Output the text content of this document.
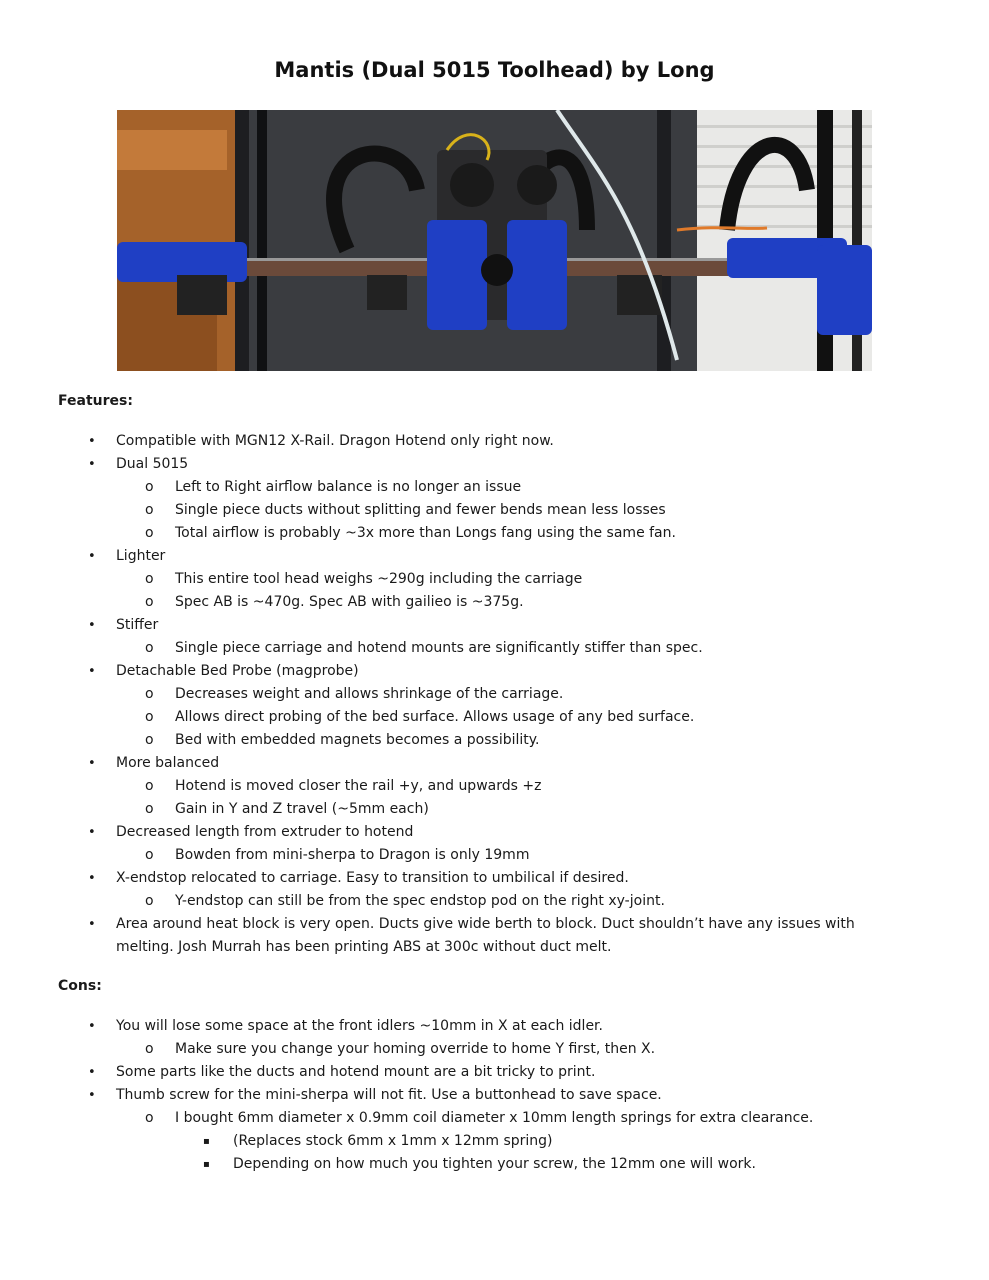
Mantis (Dual 5015 Toolhead) by Long
Features:
• Compatible with MGN12 X-Rail. Dragon Hotend only right now.
• Dual 5015
o Left to Right airflow balance is no longer an issue
o Single piece ducts without splitting and fewer bends mean less losses
o Total airflow is probably ~3x more than Longs fang using the same fan.
• Lighter
o This entire tool head weighs ~290g including the carriage
o Spec AB is ~470g. Spec AB with gailieo is ~375g.
• Stiffer
o Single piece carriage and hotend mounts are significantly stiffer than spec.
• Detachable Bed Probe (magprobe)
o Decreases weight and allows shrinkage of the carriage.
o Allows direct probing of the bed surface. Allows usage of any bed surface.
o Bed with embedded magnets becomes a possibility.
• More balanced
o Hotend is moved closer the rail +y, and upwards +z
o Gain in Y and Z travel (~5mm each)
• Decreased length from extruder to hotend
o Bowden from mini-sherpa to Dragon is only 19mm
• X-endstop relocated to carriage. Easy to transition to umbilical if desired.
o Y-endstop can still be from the spec endstop pod on the right xy-joint.
• Area around heat block is very open. Ducts give wide berth to block. Duct shouldn’t have any issues with melting. Josh Murrah has been printing ABS at 300c without duct melt.
Cons:
• You will lose some space at the front idlers ~10mm in X at each idler.
o Make sure you change your homing override to home Y first, then X.
• Some parts like the ducts and hotend mount are a bit tricky to print.
• Thumb screw for the mini-sherpa will not fit. Use a buttonhead to save space.
o I bought 6mm diameter x 0.9mm coil diameter x 10mm length springs for extra clearance.
▪ (Replaces stock 6mm x 1mm x 12mm spring)
▪ Depending on how much you tighten your screw, the 12mm one will work.
